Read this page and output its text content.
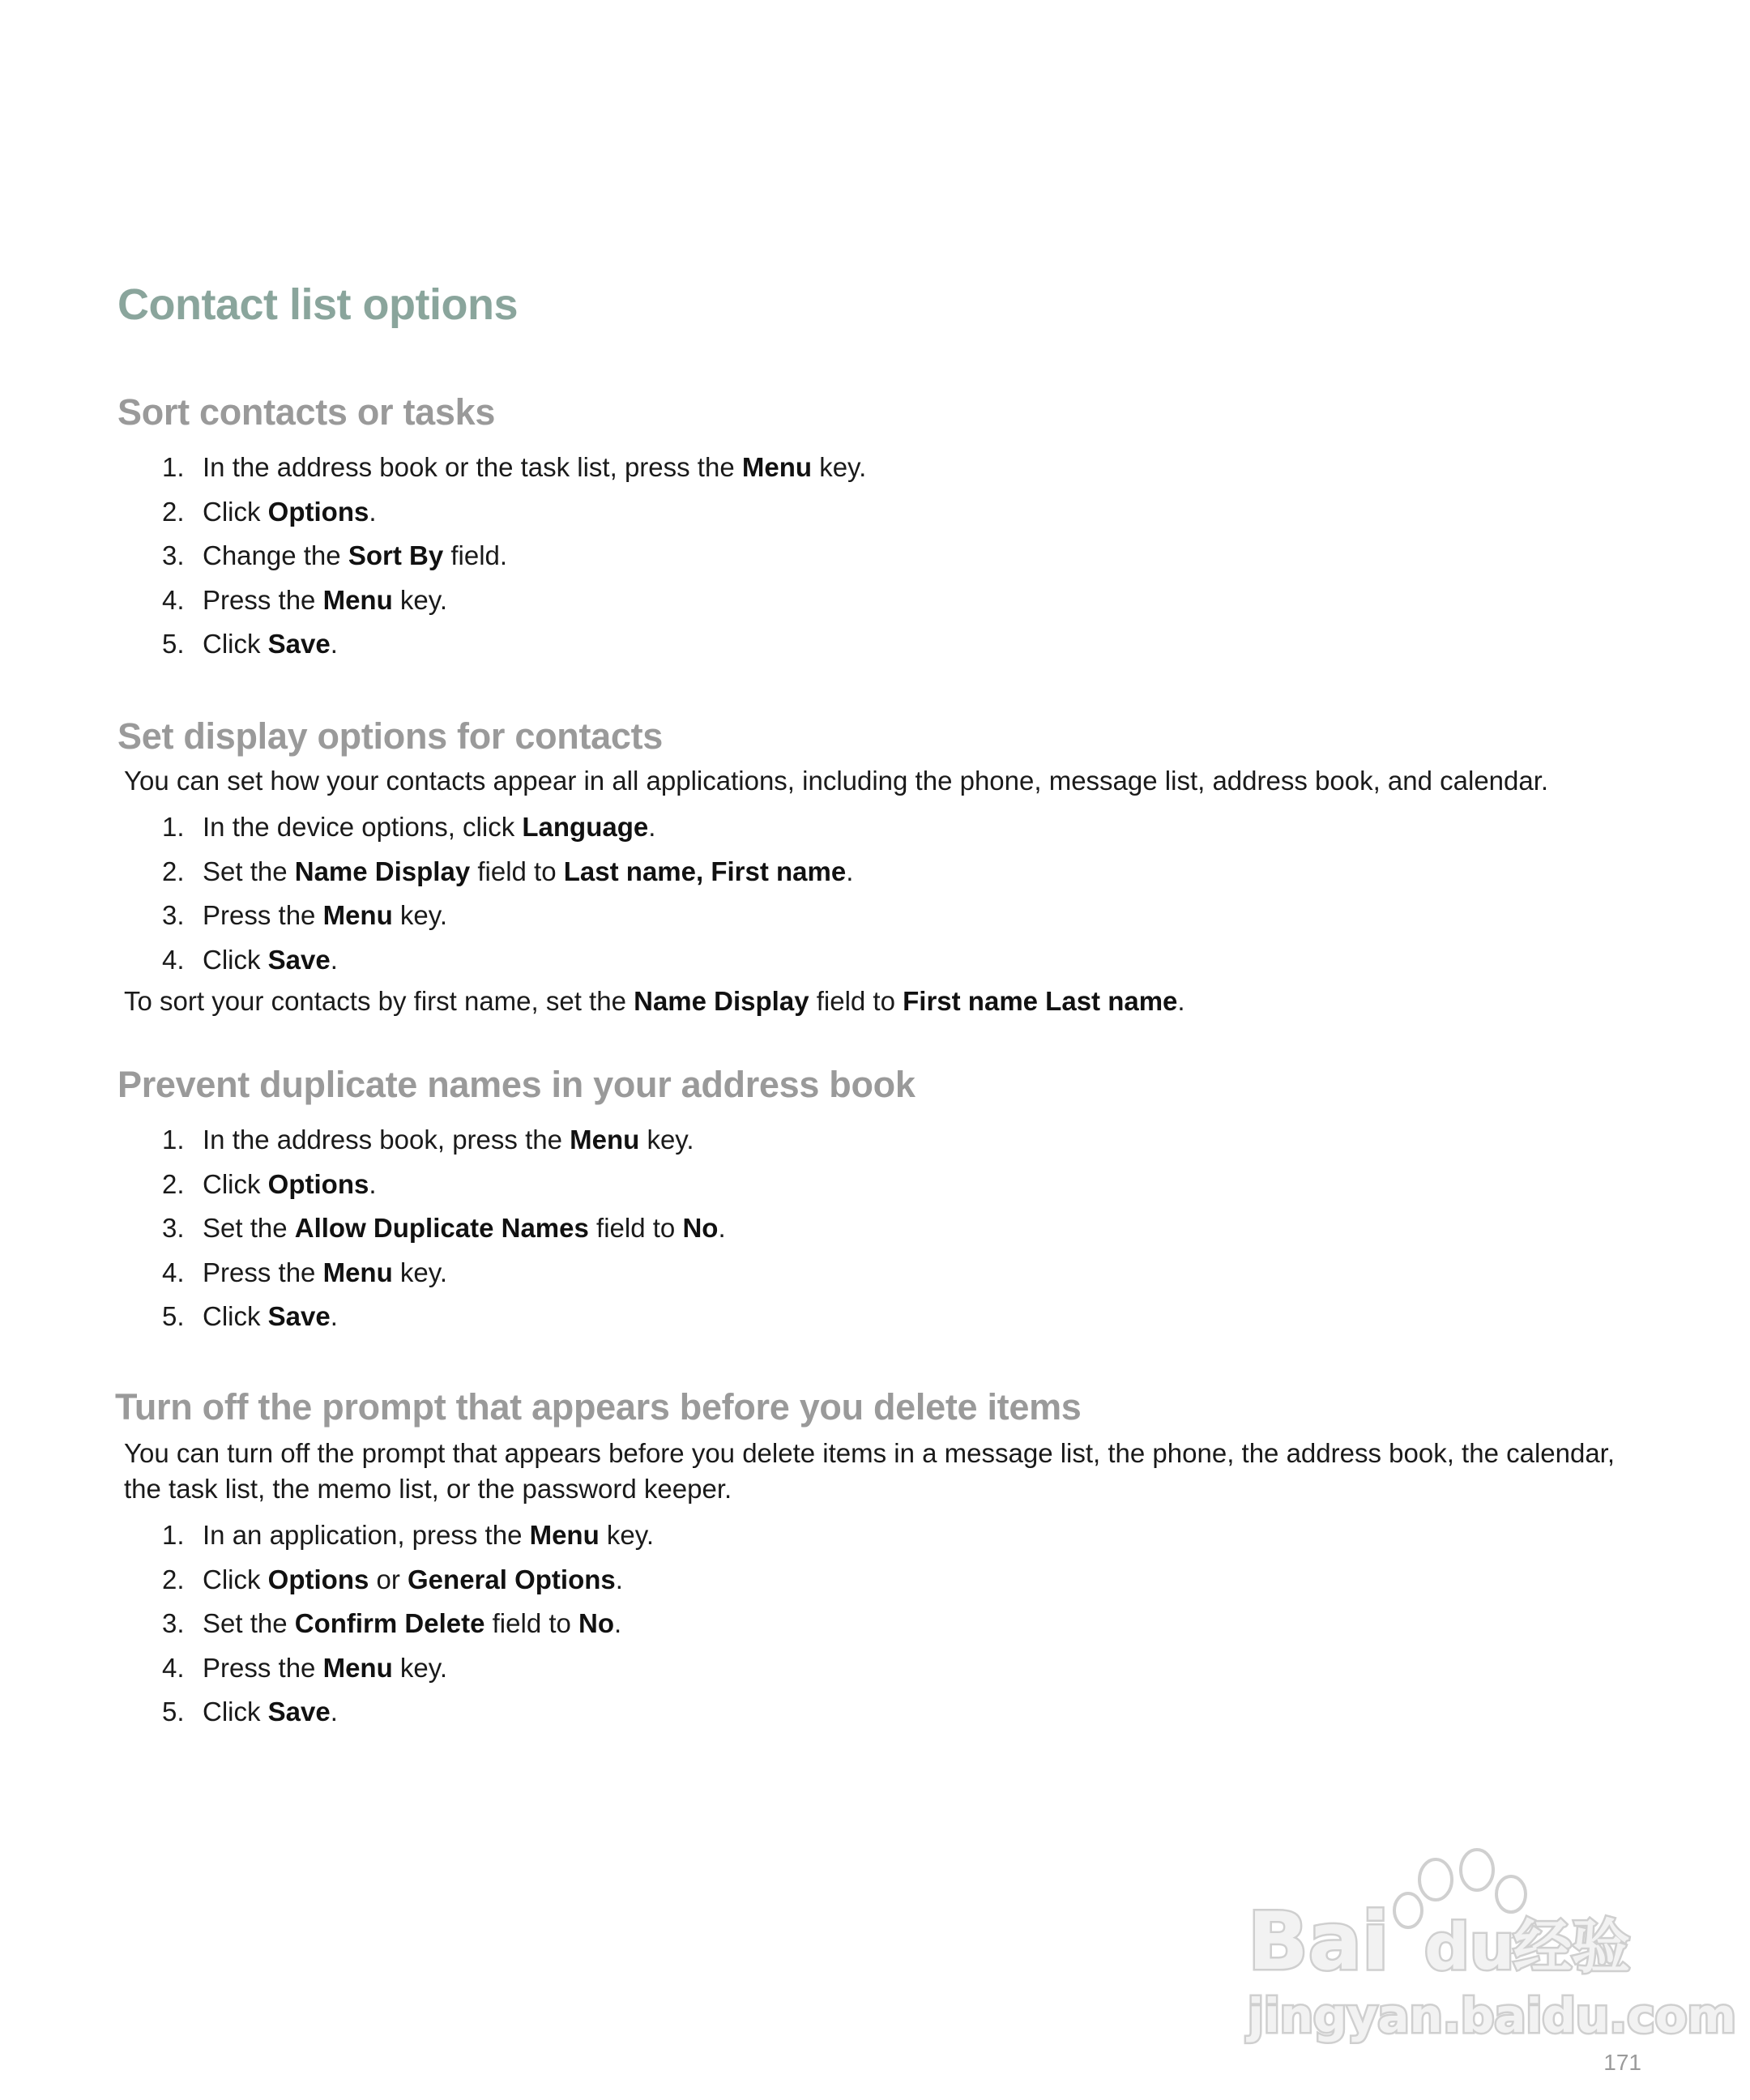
Contact list options
Sort contacts or tasks
1. In the address book or the task list, press the Menu key.
2. Click Options.
3. Change the Sort By field.
4. Press the Menu key.
5. Click Save.
Set display options for contacts

You can set how your contacts appear in all applications, including the phone, message list, address book, and calendar.

1. In the device options, click Language.
2. Set the Name Display field to Last name, First name.
3. Press the Menu key.
4. Click Save.

To sort your contacts by first name, set the Name Display field to First name Last name.

Prevent duplicate names in your address book
1. In the address book, press the Menu key.
2. Click Options.
3. Set the Allow Duplicate Names field to No.
4. Press the Menu key.
5. Click Save.
Turn off the prompt that appears before you delete items

You can turn off the prompt that appears before you delete items in a message list, the phone, the address book, the calendar, the task list, the memo list, or the password keeper.

1. In an application, press the Menu key.
2. Click Options or General Options.
3. Set the Confirm Delete field to No.
4. Press the Menu key.
5. Click Save.
Bai du
经验
jingyan.baidu.com
171
